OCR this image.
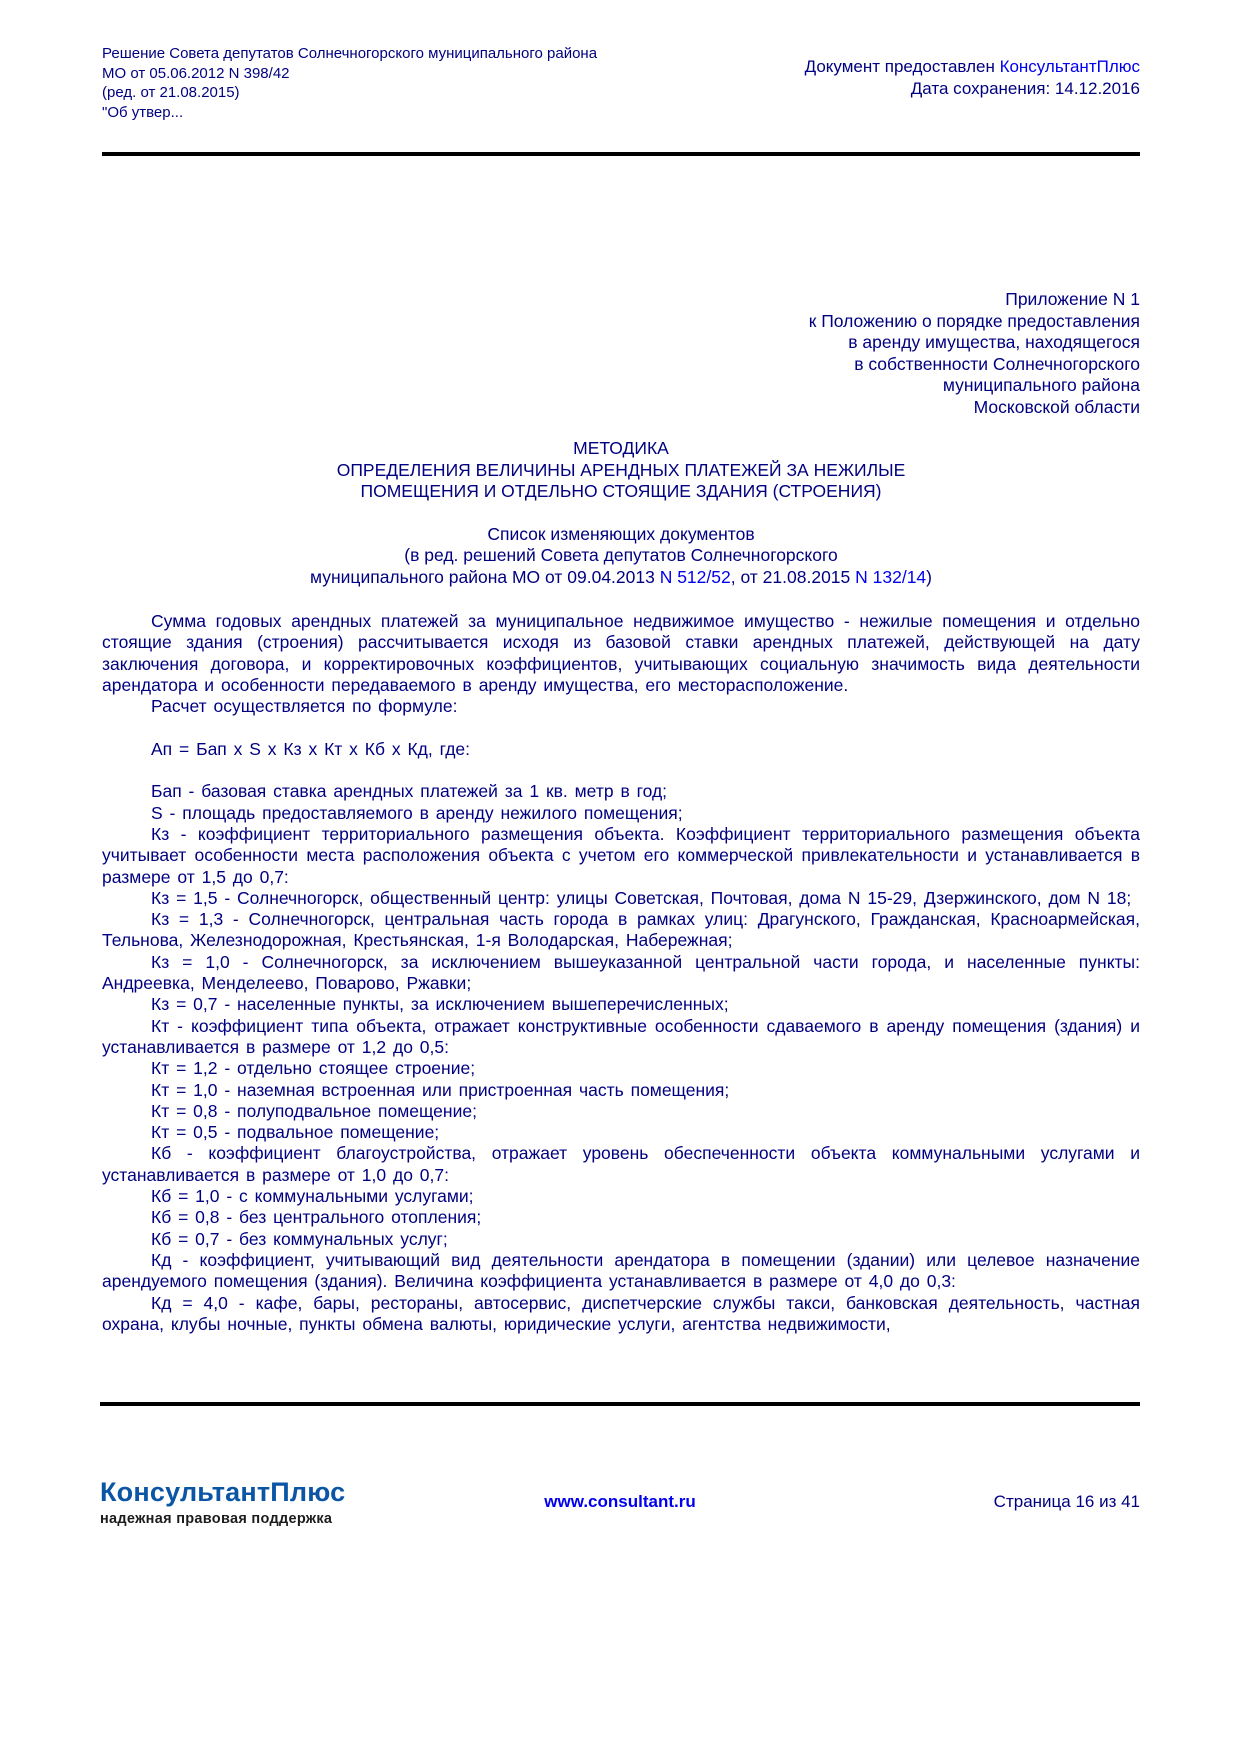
Решение Совета депутатов Солнечногорского муниципального района
МО от 05.06.2012 N 398/42
(ред. от 21.08.2015)
"Об утвер...
Документ предоставлен КонсультантПлюс
Дата сохранения: 14.12.2016
Приложение N 1
к Положению о порядке предоставления
в аренду имущества, находящегося
в собственности Солнечногорского
муниципального района
Московской области
МЕТОДИКА
ОПРЕДЕЛЕНИЯ ВЕЛИЧИНЫ АРЕНДНЫХ ПЛАТЕЖЕЙ ЗА НЕЖИЛЫЕ
ПОМЕЩЕНИЯ И ОТДЕЛЬНО СТОЯЩИЕ ЗДАНИЯ (СТРОЕНИЯ)
Список изменяющих документов
(в ред. решений Совета депутатов Солнечногорского
муниципального района МО от 09.04.2013 N 512/52, от 21.08.2015 N 132/14)

Сумма годовых арендных платежей за муниципальное недвижимое имущество - нежилые помещения и отдельно стоящие здания (строения) рассчитывается исходя из базовой ставки арендных платежей, действующей на дату заключения договора, и корректировочных коэффициентов, учитывающих социальную значимость вида деятельности арендатора и особенности передаваемого в аренду имущества, его месторасположение.

Расчет осуществляется по формуле:

Ап = Бап x S x Кз x Кт x Кб x Кд, где:

Бап - базовая ставка арендных платежей за 1 кв. метр в год;

S - площадь предоставляемого в аренду нежилого помещения;

Кз - коэффициент территориального размещения объекта. Коэффициент территориального размещения объекта учитывает особенности места расположения объекта с учетом его коммерческой привлекательности и устанавливается в размере от 1,5 до 0,7:

Кз = 1,5 - Солнечногорск, общественный центр: улицы Советская, Почтовая, дома N 15-29, Дзержинского, дом N 18;

Кз = 1,3 - Солнечногорск, центральная часть города в рамках улиц: Драгунского, Гражданская, Красноармейская, Тельнова, Железнодорожная, Крестьянская, 1-я Володарская, Набережная;

Кз = 1,0 - Солнечногорск, за исключением вышеуказанной центральной части города, и населенные пункты: Андреевка, Менделеево, Поварово, Ржавки;

Кз = 0,7 - населенные пункты, за исключением вышеперечисленных;

Кт - коэффициент типа объекта, отражает конструктивные особенности сдаваемого в аренду помещения (здания) и устанавливается в размере от 1,2 до 0,5:

Кт = 1,2 - отдельно стоящее строение;

Кт = 1,0 - наземная встроенная или пристроенная часть помещения;

Кт = 0,8 - полуподвальное помещение;

Кт = 0,5 - подвальное помещение;

Кб - коэффициент благоустройства, отражает уровень обеспеченности объекта коммунальными услугами и устанавливается в размере от 1,0 до 0,7:

Кб = 1,0 - с коммунальными услугами;

Кб = 0,8 - без центрального отопления;

Кб = 0,7 - без коммунальных услуг;

Кд - коэффициент, учитывающий вид деятельности арендатора в помещении (здании) или целевое назначение арендуемого помещения (здания). Величина коэффициента устанавливается в размере от 4,0 до 0,3:

Кд = 4,0 - кафе, бары, рестораны, автосервис, диспетчерские службы такси, банковская деятельность, частная охрана, клубы ночные, пункты обмена валюты, юридические услуги, агентства недвижимости,

КонсультантПлюс
надежная правовая поддержка
www.consultant.ru	Страница 16 из 41
